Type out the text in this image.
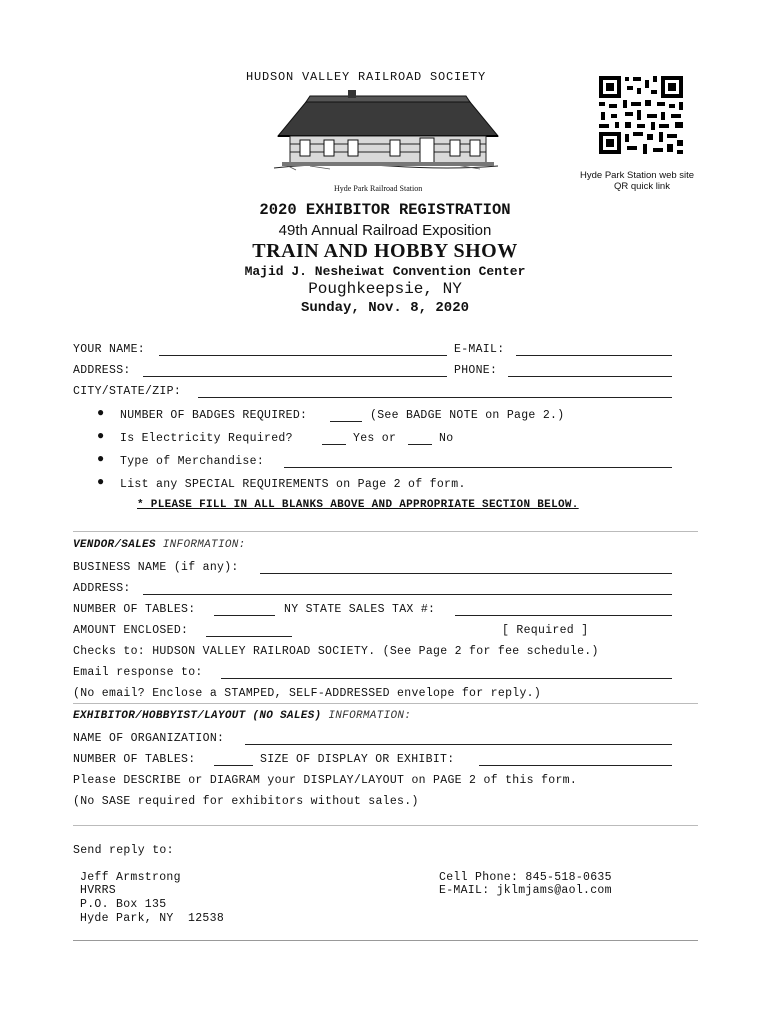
HUDSON VALLEY RAILROAD SOCIETY
Hyde Park Railroad Station
Hyde Park Station web site
QR quick link
2020 EXHIBITOR REGISTRATION
49th Annual Railroad Exposition
TRAIN AND HOBBY SHOW
Majid J. Nesheiwat Convention Center
Poughkeepsie, NY
Sunday, Nov. 8, 2020
YOUR NAME:	E-MAIL:
ADDRESS:	PHONE:
CITY/STATE/ZIP:
● NUMBER OF BADGES REQUIRED:	(See BADGE NOTE on Page 2.)
● Is Electricity Required?	Yes or	No
● Type of Merchandise:
● List any SPECIAL REQUIREMENTS on Page 2 of form.
* PLEASE FILL IN ALL BLANKS ABOVE AND APPROPRIATE SECTION BELOW.
VENDOR/SALES INFORMATION:
BUSINESS NAME (if any):
ADDRESS:
NUMBER OF TABLES:	NY STATE SALES TAX #:
AMOUNT ENCLOSED:	[ Required ]
Checks to: HUDSON VALLEY RAILROAD SOCIETY. (See Page 2 for fee schedule.)
Email response to:
(No email? Enclose a STAMPED, SELF-ADDRESSED envelope for reply.)
EXHIBITOR/HOBBYIST/LAYOUT (NO SALES) INFORMATION:
NAME OF ORGANIZATION:
NUMBER OF TABLES:	SIZE OF DISPLAY OR EXHIBIT:
Please DESCRIBE or DIAGRAM your DISPLAY/LAYOUT on PAGE 2 of this form.
(No SASE required for exhibitors without sales.)
Send reply to:
Jeff Armstrong
HVRRS
P.O. Box 135
Hyde Park, NY  12538
Cell Phone: 845-518-0635
E-MAIL: jklmjams@aol.com
